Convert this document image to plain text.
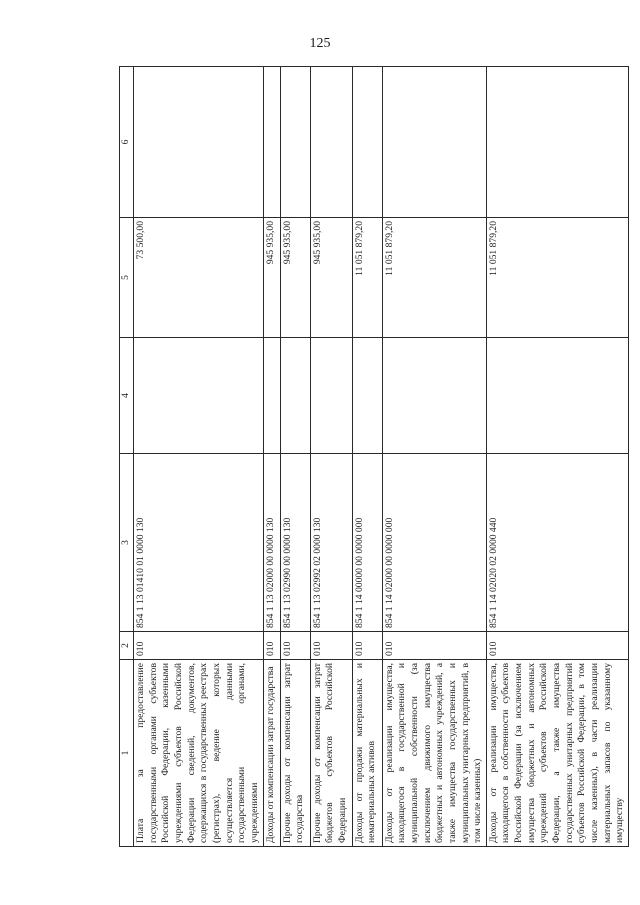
125
1	2	3	4	5	6
Плата за предоставление государственными органами субъектов Российской Федерации, казенными учреждениями субъектов Российской Федерации сведений, документов, содержащихся в государственных реестрах (регистрах), ведение которых осуществляется данными государственными органами, учреждениями	010	854 1 13 01410 01 0000 130		73 500,00	
Доходы от компенсации затрат государства	010	854 1 13 02000 00 0000 130		945 935,00	
Прочие доходы от компенсации затрат государства	010	854 1 13 02990 00 0000 130		945 935,00	
Прочие доходы от компенсации затрат бюджетов субъектов Российской Федерации	010	854 1 13 02992 02 0000 130		945 935,00	
Доходы от продажи материальных и нематериальных активов	010	854 1 14 00000 00 0000 000		11 051 879,20	
Доходы от реализации имущества, находящегося в государственной и муниципальной собственности (за исключением движимого имущества бюджетных и автономных учреждений, а также имущества государственных и муниципальных унитарных предприятий, в том числе казенных)	010	854 1 14 02000 00 0000 000		11 051 879,20	
Доходы от реализации имущества, находящегося в собственности субъектов Российской Федерации (за исключением имущества бюджетных и автономных учреждений субъектов Российской Федерации, а также имущества государственных унитарных предприятий субъектов Российской Федерации, в том числе казенных), в части реализации материальных запасов по указанному имуществу	010	854 1 14 02020 02 0000 440		11 051 879,20	
